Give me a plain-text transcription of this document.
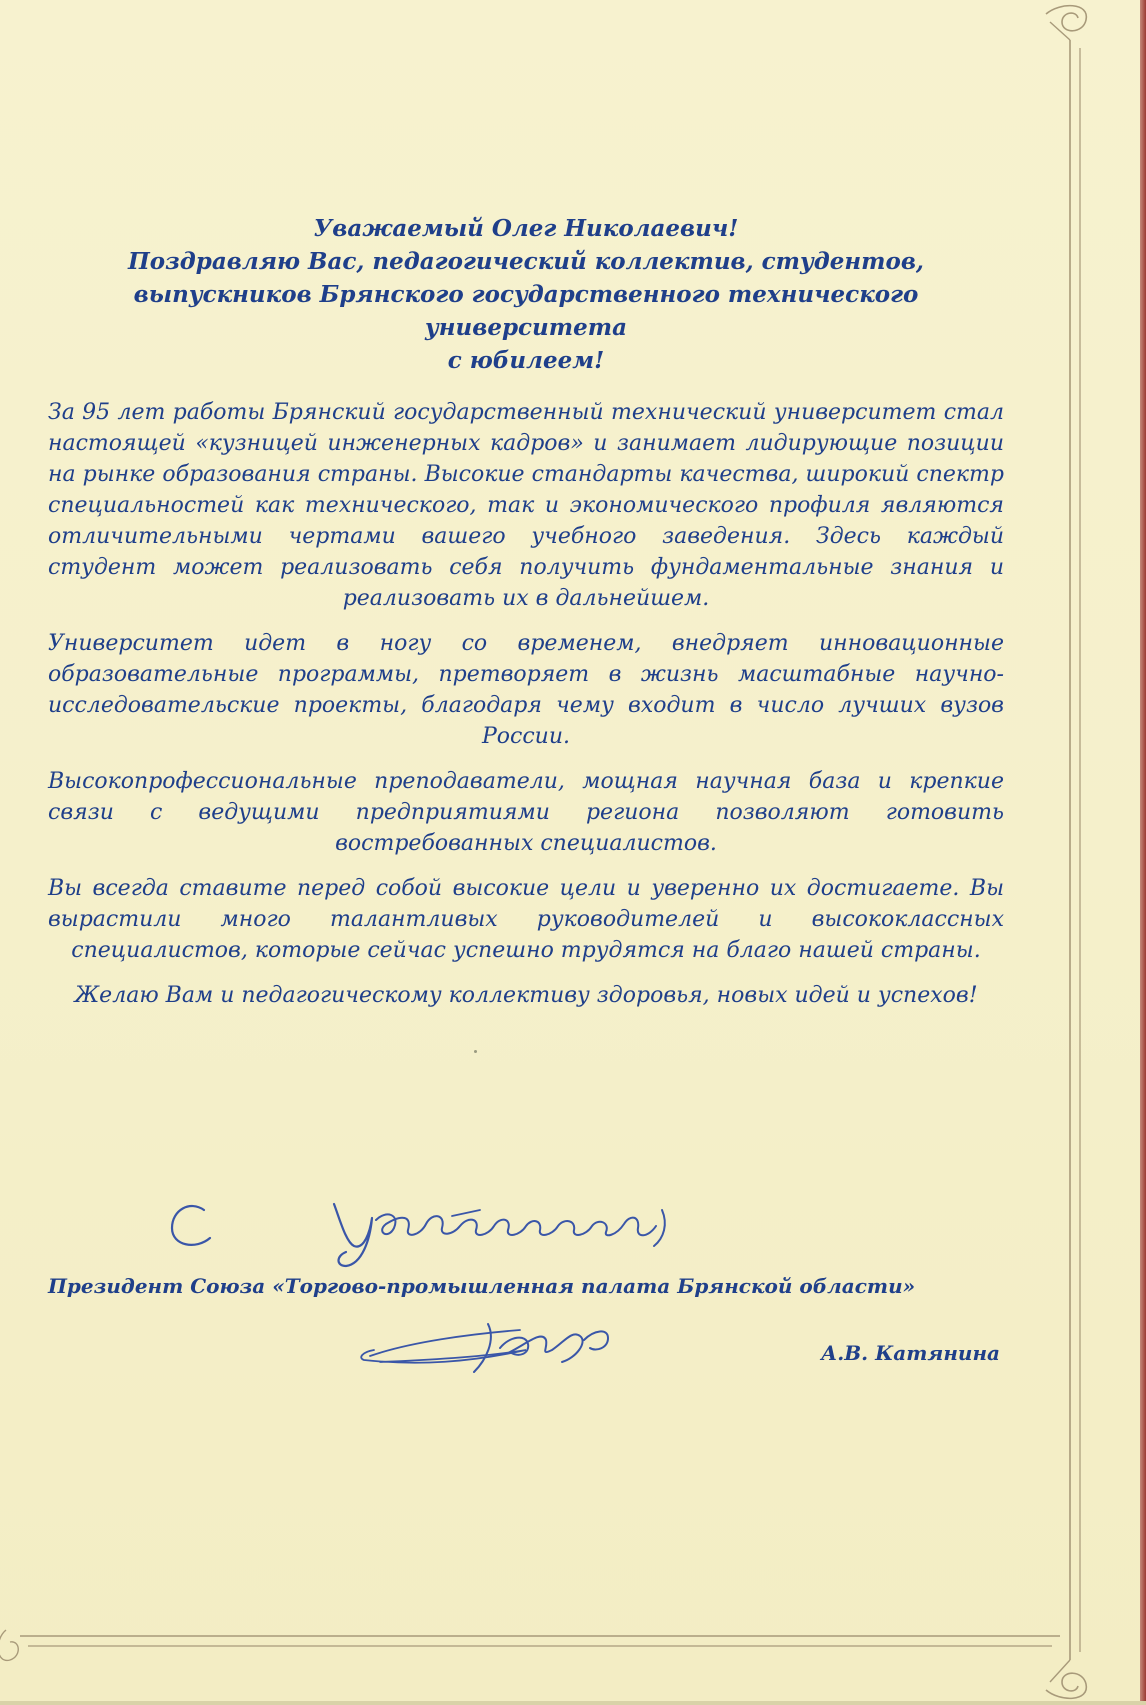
Уважаемый Олег Николаевич!
Поздравляю Вас, педагогический коллектив, студентов,
выпускников Брянского государственного технического университета
с юбилеем!

За 95 лет работы Брянский государственный технический университет стал настоящей «кузницей инженерных кадров» и занимает лидирующие позиции на рынке образования страны. Высокие стандарты качества, широкий спектр специальностей как технического, так и экономического профиля являются отличительными чертами вашего учебного заведения. Здесь каждый студент может реализовать себя получить фундаментальные знания и реализовать их в дальнейшем.

Университет идет в ногу со временем, внедряет инновационные образовательные программы, претворяет в жизнь масштабные научно-исследовательские проекты, благодаря чему входит в число лучших вузов России.

Высокопрофессиональные преподаватели, мощная научная база и крепкие связи с ведущими предприятиями региона позволяют готовить востребованных специалистов.

Вы всегда ставите перед собой высокие цели и уверенно их достигаете. Вы вырастили много талантливых руководителей и высококлассных специалистов, которые сейчас успешно трудятся на благо нашей страны.

Желаю Вам и педагогическому коллективу здоровья, новых идей и успехов!

Президент Союза «Торгово-промышленная палата Брянской области»
А.В. Катянина
